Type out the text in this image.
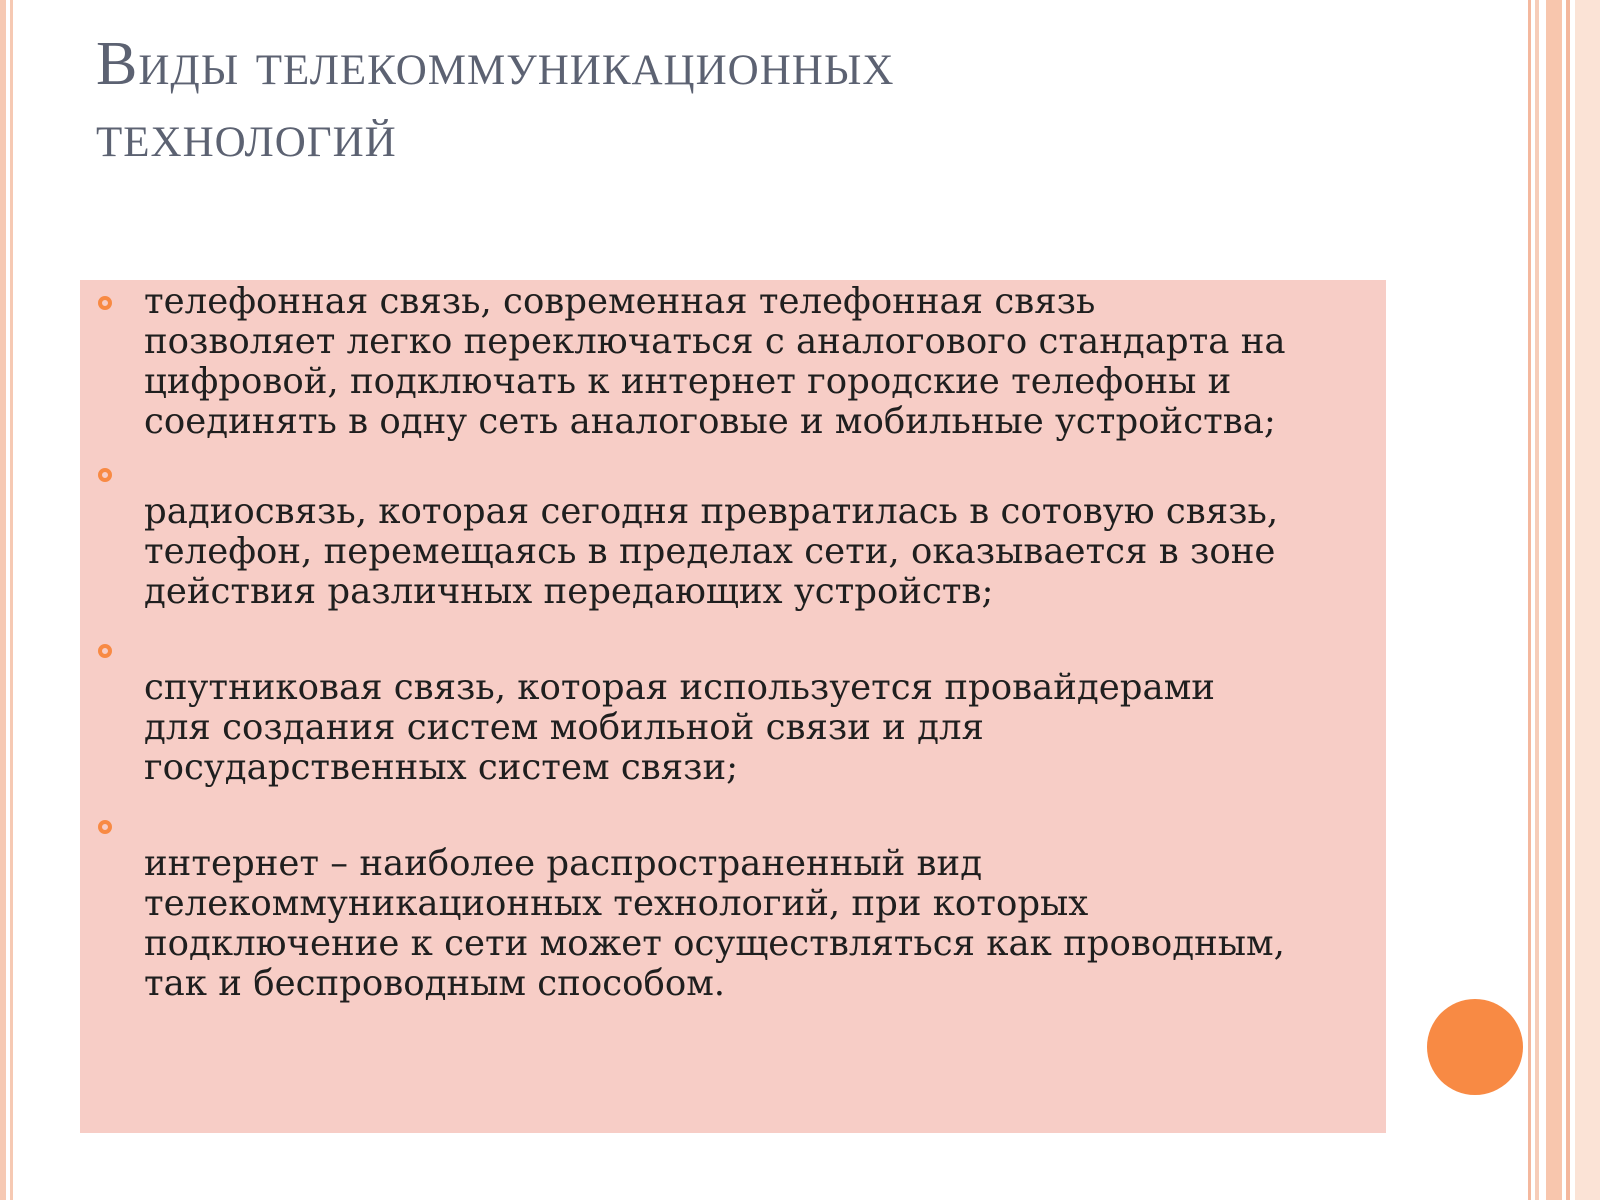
Виды телекоммуникационных
технологий
телефонная связь, современная телефонная связь
позволяет легко переключаться с аналогового стандарта на
цифровой, подключать к интернет городские телефоны и
соединять в одну сеть аналоговые и мобильные устройства;
радиосвязь, которая сегодня превратилась в сотовую связь,
телефон, перемещаясь в пределах сети, оказывается в зоне
действия различных передающих устройств;
спутниковая связь, которая используется провайдерами
для создания систем мобильной связи и для
государственных систем связи;
интернет – наиболее распространенный вид
телекоммуникационных технологий, при которых
подключение к сети может осуществляться как проводным,
так и беспроводным способом.
